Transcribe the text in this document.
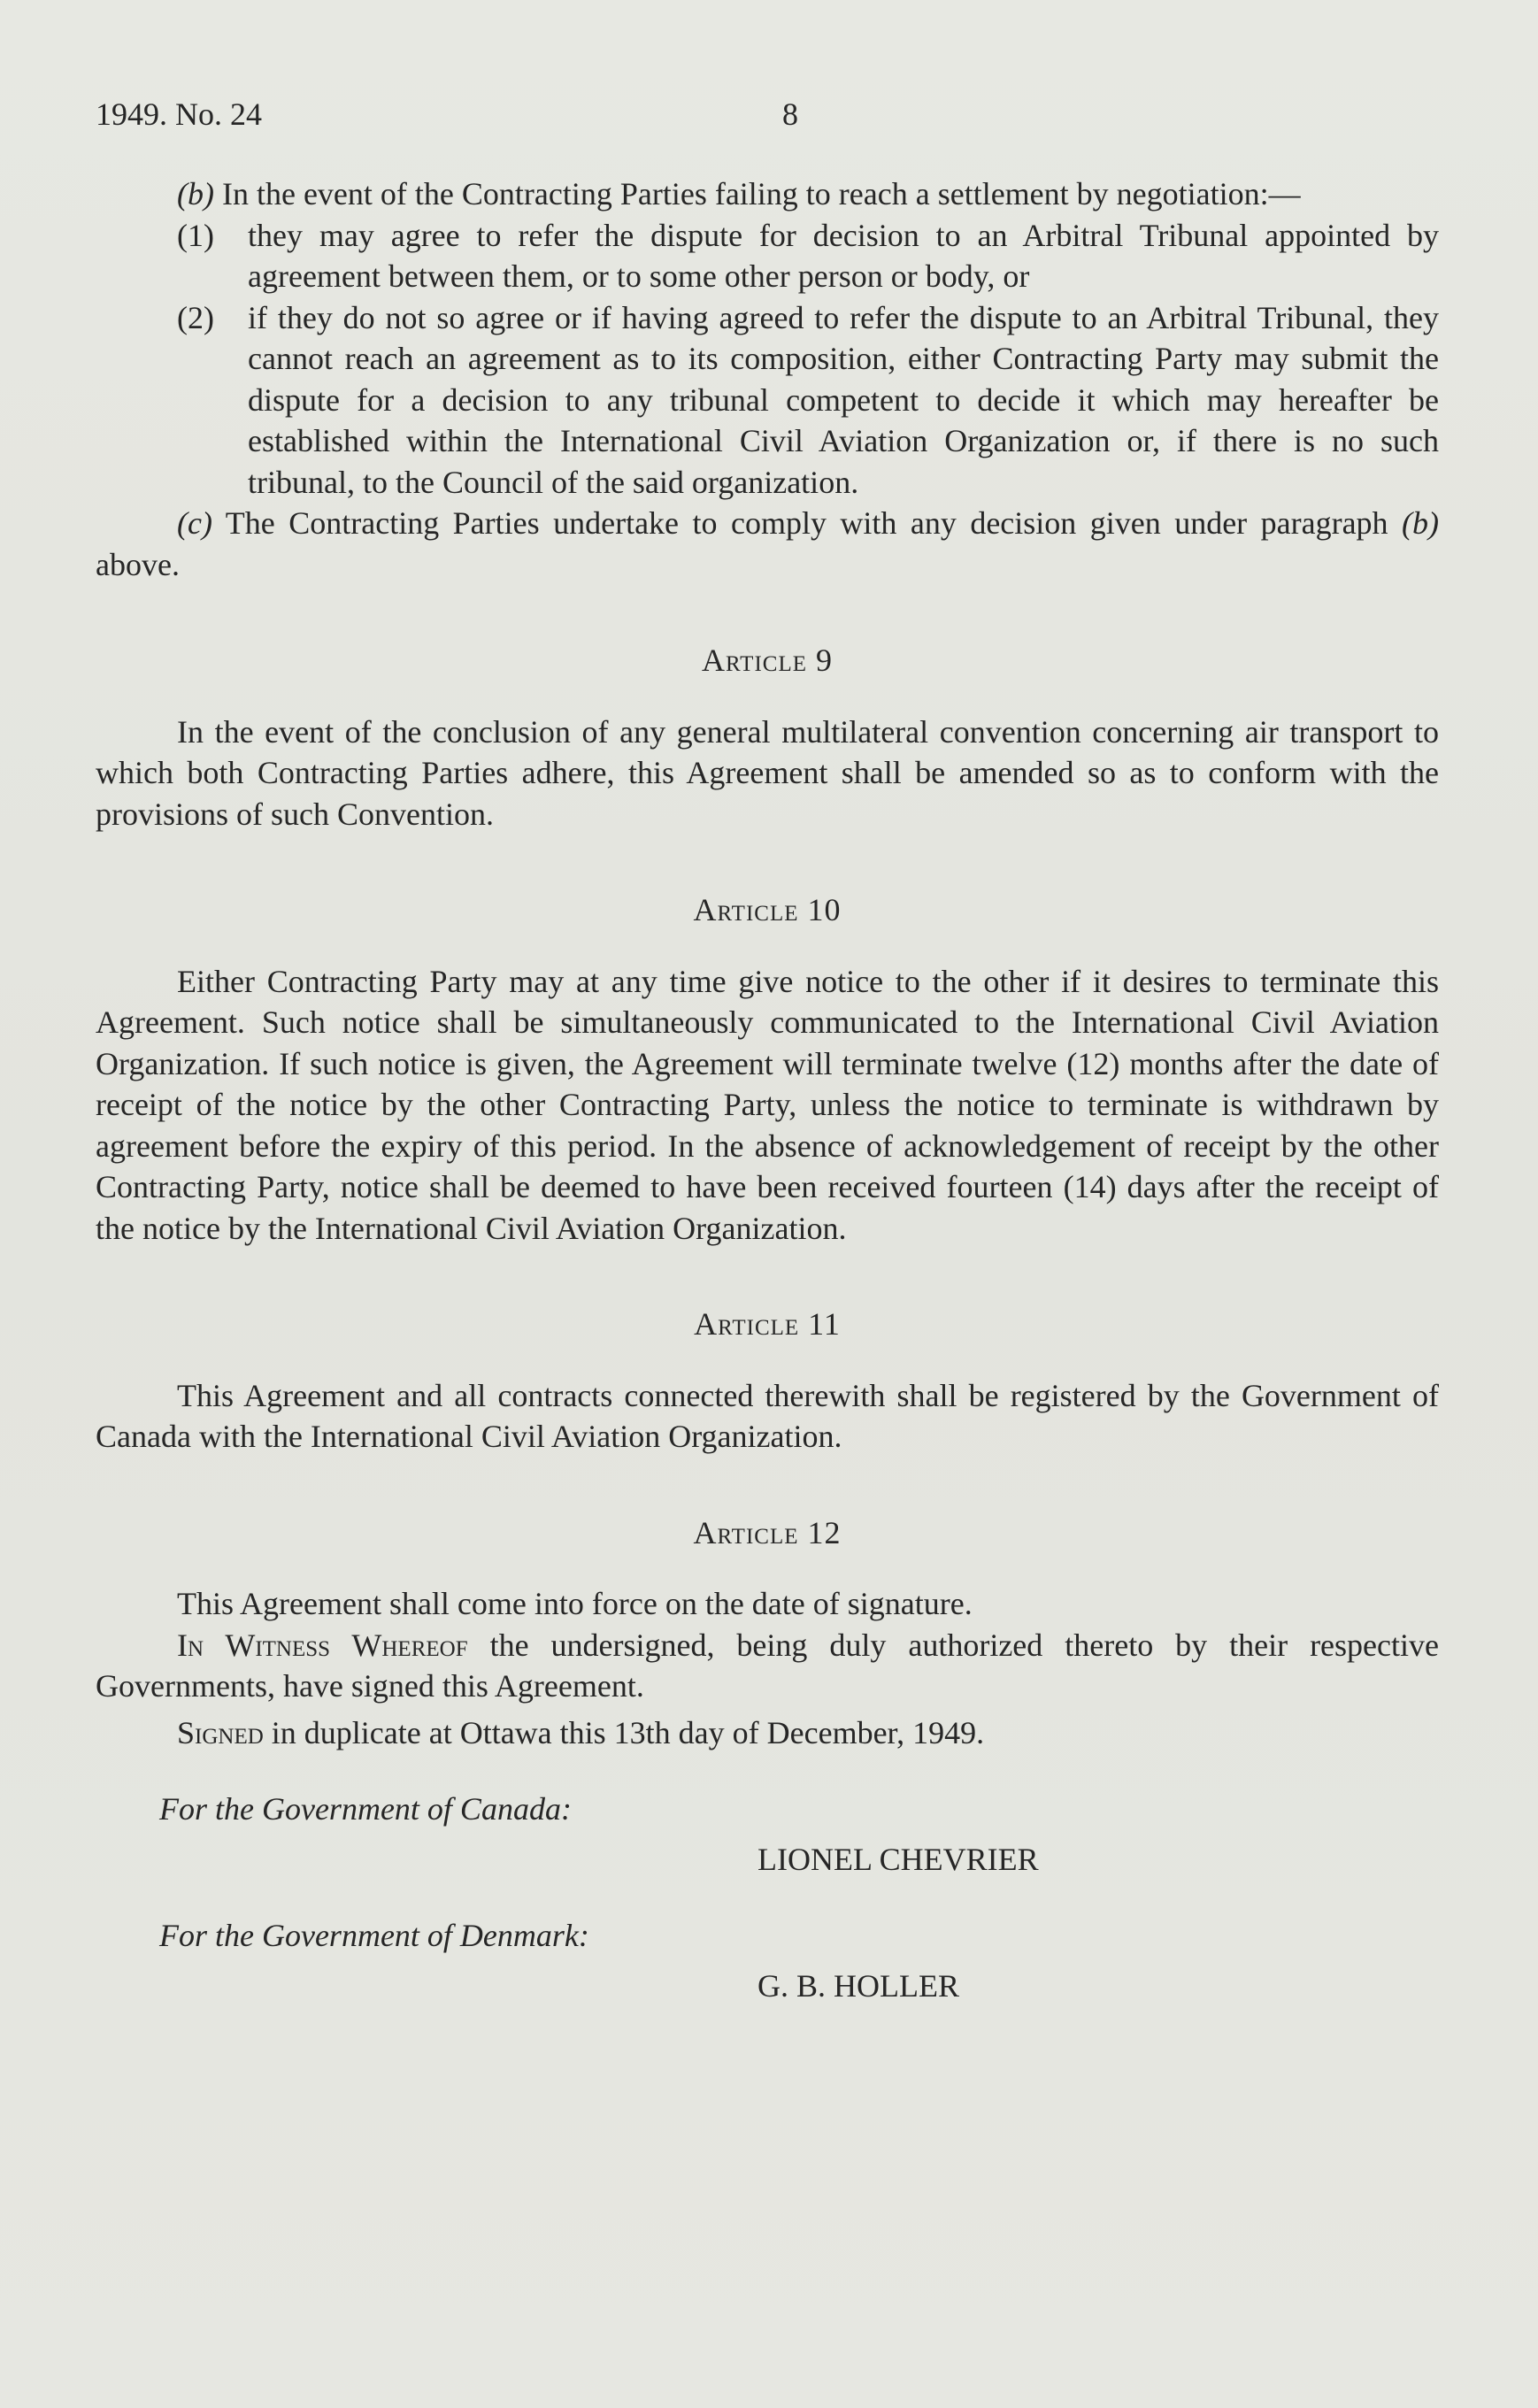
1949. No. 24	8

(b) In the event of the Contracting Parties failing to reach a settlement by negotiation:—

(1) they may agree to refer the dispute for decision to an Arbitral Tribunal appointed by agreement between them, or to some other person or body, or

(2) if they do not so agree or if having agreed to refer the dispute to an Arbitral Tribunal, they cannot reach an agreement as to its composition, either Contracting Party may submit the dispute for a decision to any tribunal competent to decide it which may hereafter be established within the International Civil Aviation Organization or, if there is no such tribunal, to the Council of the said organization.

(c) The Contracting Parties undertake to comply with any decision given under paragraph (b) above.

Article 9

In the event of the conclusion of any general multilateral convention concerning air transport to which both Contracting Parties adhere, this Agreement shall be amended so as to conform with the provisions of such Convention.

Article 10

Either Contracting Party may at any time give notice to the other if it desires to terminate this Agreement. Such notice shall be simultaneously communicated to the International Civil Aviation Organization. If such notice is given, the Agreement will terminate twelve (12) months after the date of receipt of the notice by the other Contracting Party, unless the notice to terminate is withdrawn by agreement before the expiry of this period. In the absence of acknowledgement of receipt by the other Contracting Party, notice shall be deemed to have been received fourteen (14) days after the receipt of the notice by the International Civil Aviation Organization.

Article 11

This Agreement and all contracts connected therewith shall be registered by the Government of Canada with the International Civil Aviation Organization.

Article 12

This Agreement shall come into force on the date of signature.

In Witness Whereof the undersigned, being duly authorized thereto by their respective Governments, have signed this Agreement.

Signed in duplicate at Ottawa this 13th day of December, 1949.

For the Government of Canada:
LIONEL CHEVRIER
For the Government of Denmark:
G. B. HOLLER
